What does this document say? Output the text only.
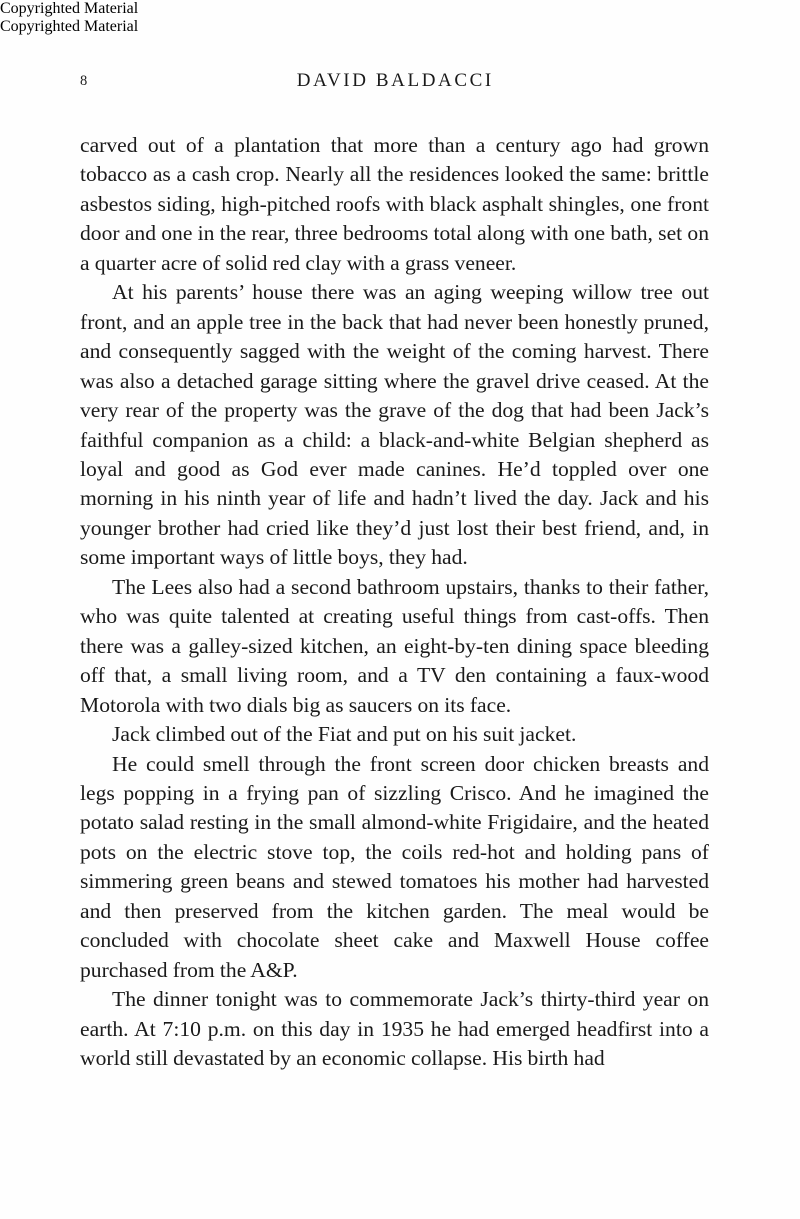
Copyrighted Material
8	DAVID BALDACCI

carved out of a plantation that more than a century ago had grown tobacco as a cash crop. Nearly all the residences looked the same: brittle asbestos siding, high-pitched roofs with black asphalt shingles, one front door and one in the rear, three bedrooms total along with one bath, set on a quarter acre of solid red clay with a grass veneer.

At his parents’ house there was an aging weeping willow tree out front, and an apple tree in the back that had never been honestly pruned, and consequently sagged with the weight of the coming harvest. There was also a detached garage sitting where the gravel drive ceased. At the very rear of the property was the grave of the dog that had been Jack’s faithful companion as a child: a black-and-white Belgian shepherd as loyal and good as God ever made canines. He’d toppled over one morning in his ninth year of life and hadn’t lived the day. Jack and his younger brother had cried like they’d just lost their best friend, and, in some important ways of little boys, they had.

The Lees also had a second bathroom upstairs, thanks to their father, who was quite talented at creating useful things from cast-offs. Then there was a galley-sized kitchen, an eight-by-ten dining space bleeding off that, a small living room, and a TV den containing a faux-wood Motorola with two dials big as saucers on its face.

Jack climbed out of the Fiat and put on his suit jacket.

He could smell through the front screen door chicken breasts and legs popping in a frying pan of sizzling Crisco. And he imagined the potato salad resting in the small almond-white Frigidaire, and the heated pots on the electric stove top, the coils red-hot and holding pans of simmering green beans and stewed tomatoes his mother had harvested and then preserved from the kitchen garden. The meal would be concluded with chocolate sheet cake and Maxwell House coffee purchased from the A&P.

The dinner tonight was to commemorate Jack’s thirty-third year on earth. At 7:10 p.m. on this day in 1935 he had emerged headfirst into a world still devastated by an economic collapse. His birth had

Copyrighted Material
